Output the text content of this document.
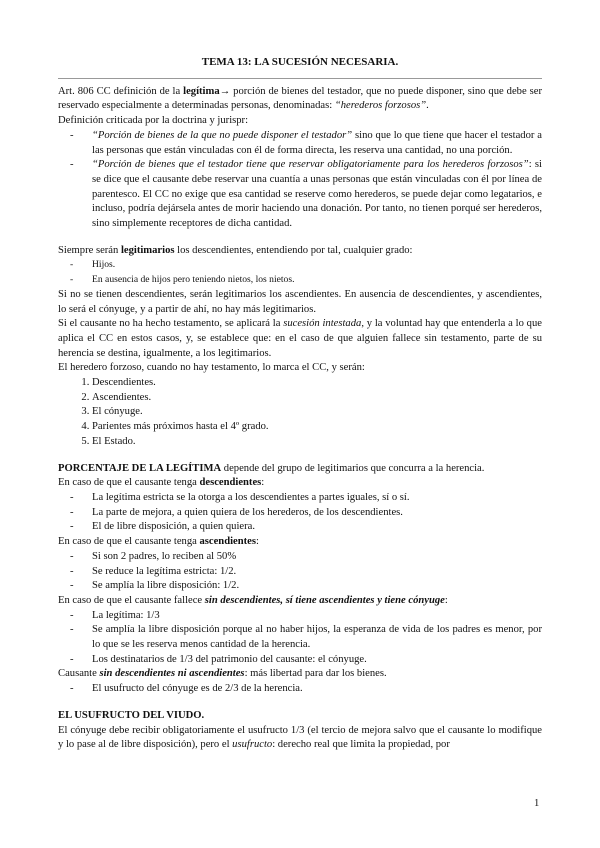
TEMA 13: LA SUCESIÓN NECESARIA.

Art. 806 CC definición de la legítima→ porción de bienes del testador, que no puede disponer, sino que debe ser reservado especialmente a determinadas personas, denominadas: “herederos forzosos”.

Definición criticada por la doctrina y jurispr:

- “Porción de bienes de la que no puede disponer el testador” sino que lo que tiene que hacer el testador a las personas que están vinculadas con él de forma directa, les reserva una cantidad, no una porción.
- “Porción de bienes que el testador tiene que reservar obligatoriamente para los herederos forzosos”: si se dice que el causante debe reservar una cuantía a unas personas que están vinculadas con él por línea de parentesco. El CC no exige que esa cantidad se reserve como herederos, se puede dejar como legatarios, e incluso, podría dejársela antes de morir haciendo una donación. Por tanto, no tienen porqué ser herederos, sino simplemente receptores de dicha cantidad.

Siempre serán legitimarios los descendientes, entendiendo por tal, cualquier grado:

- Hijos.
- En ausencia de hijos pero teniendo nietos, los nietos.

Si no se tienen descendientes, serán legitimarios los ascendientes. En ausencia de descendientes, y ascendientes, lo será el cónyuge, y a partir de ahí, no hay más legitimarios.

Si el causante no ha hecho testamento, se aplicará la sucesión intestada, y la voluntad hay que entenderla a lo que aplica el CC en estos casos, y, se establece que: en el caso de que alguien fallece sin testamento, parte de su herencia se destina, igualmente, a los legitimarios.

El heredero forzoso, cuando no hay testamento, lo marca el CC, y serán:

1. Descendientes.
2. Ascendientes.
3. El cónyuge.
4. Parientes más próximos hasta el 4º grado.
5. El Estado.

PORCENTAJE DE LA LEGÍTIMA depende del grupo de legitimarios que concurra a la herencia.

En caso de que el causante tenga descendientes:

- La legítima estricta se la otorga a los descendientes a partes iguales, sí o sí.
- La parte de mejora, a quien quiera de los herederos, de los descendientes.
- El de libre disposición, a quien quiera.

En caso de que el causante tenga ascendientes:

- Si son 2 padres, lo reciben al 50%
- Se reduce la legítima estricta: 1/2.
- Se amplía la libre disposición: 1/2.

En caso de que el causante fallece sin descendientes, sí tiene ascendientes y tiene cónyuge:

- La legítima: 1/3
- Se amplía la libre disposición porque al no haber hijos, la esperanza de vida de los padres es menor, por lo que se les reserva menos cantidad de la herencia.
- Los destinatarios de 1/3 del patrimonio del causante: el cónyuge.

Causante sin descendientes ni ascendientes: más libertad para dar los bienes.

- El usufructo del cónyuge es de 2/3 de la herencia.

EL USUFRUCTO DEL VIUDO.

El cónyuge debe recibir obligatoriamente el usufructo 1/3 (el tercio de mejora salvo que el causante lo modifique y lo pase al de libre disposición), pero el usufructo: derecho real que limita la propiedad, por

1
